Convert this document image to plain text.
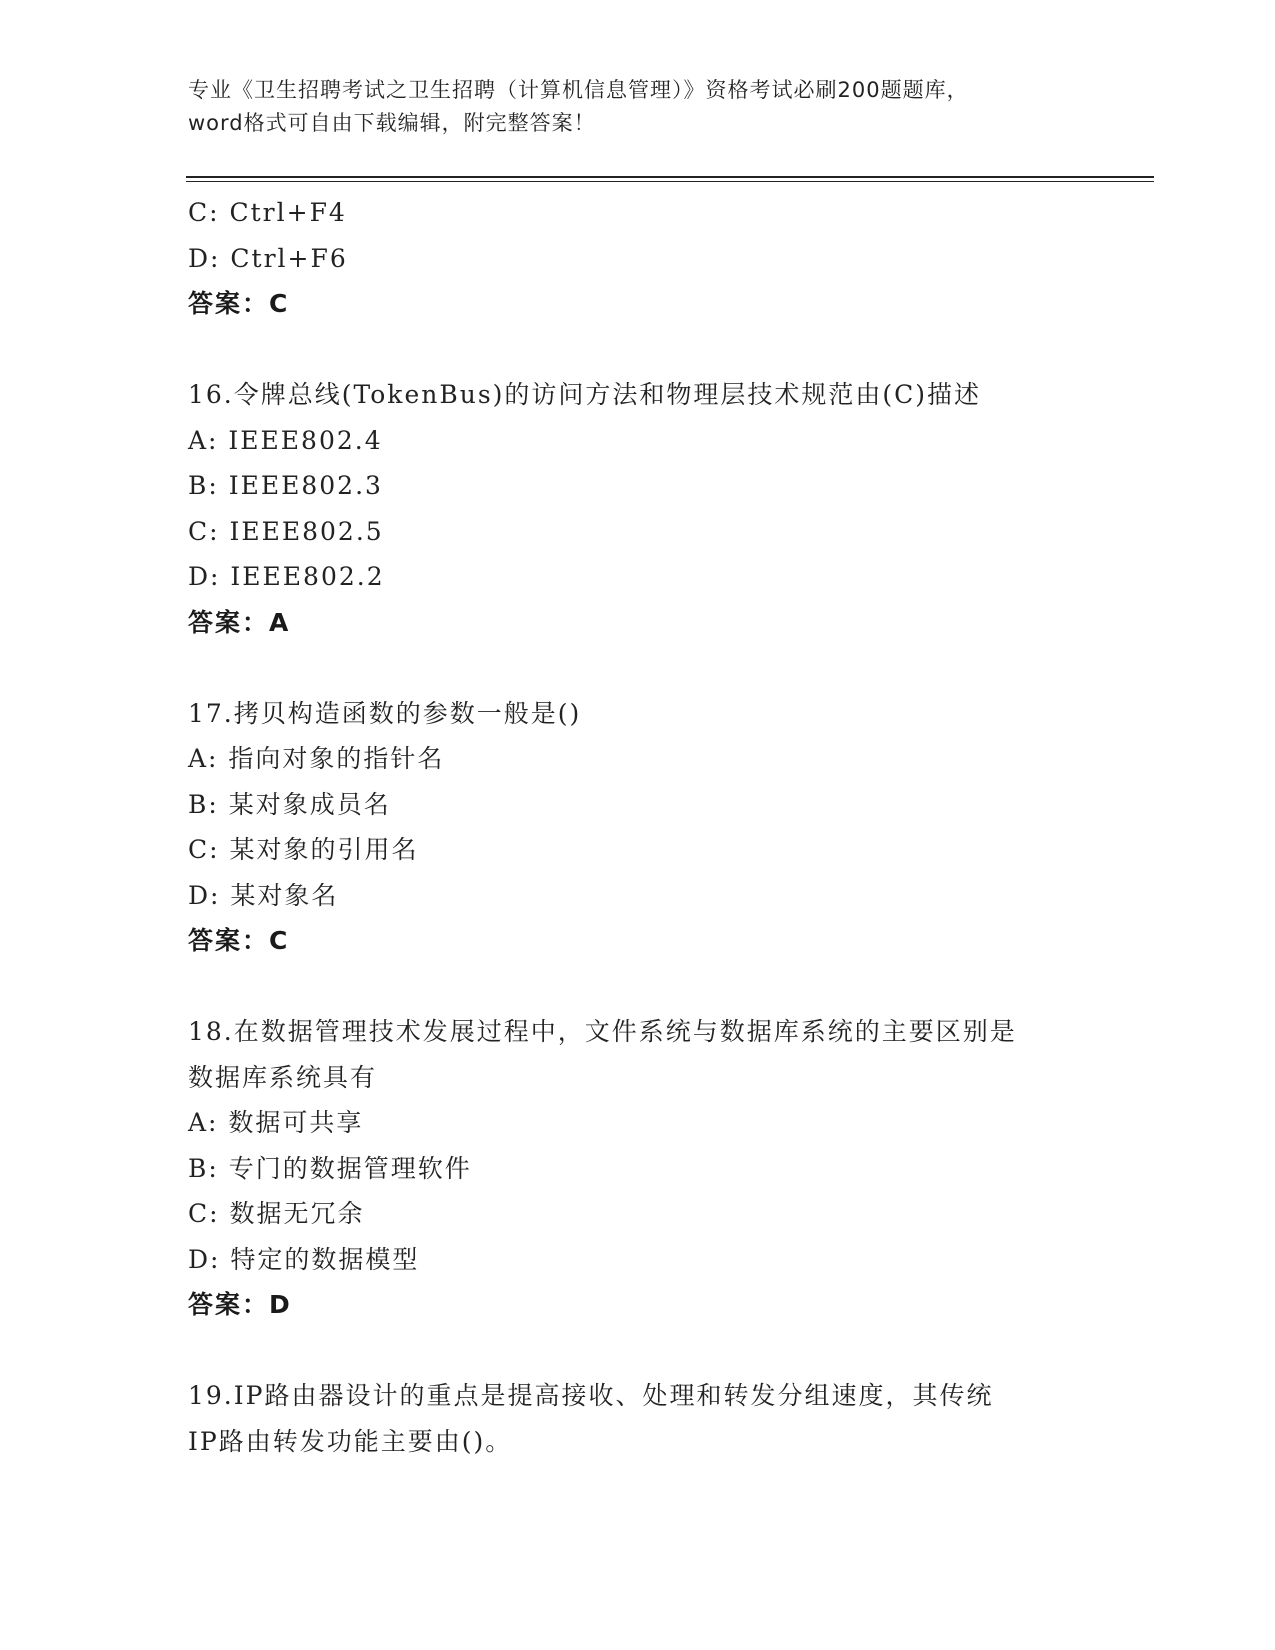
专业《卫生招聘考试之卫生招聘（计算机信息管理）》资格考试必刷200题题库，
word格式可自由下载编辑，附完整答案！
C: Ctrl+F4
D: Ctrl+F6
答案：C
16.令牌总线(TokenBus)的访问方法和物理层技术规范由(C)描述
A: IEEE802.4
B: IEEE802.3
C: IEEE802.5
D: IEEE802.2
答案：A
17.拷贝构造函数的参数一般是()
A: 指向对象的指针名
B: 某对象成员名
C: 某对象的引用名
D: 某对象名
答案：C
18.在数据管理技术发展过程中，文件系统与数据库系统的主要区别是
数据库系统具有
A: 数据可共享
B: 专门的数据管理软件
C: 数据无冗余
D: 特定的数据模型
答案：D
19.IP路由器设计的重点是提高接收、处理和转发分组速度，其传统
IP路由转发功能主要由()。
